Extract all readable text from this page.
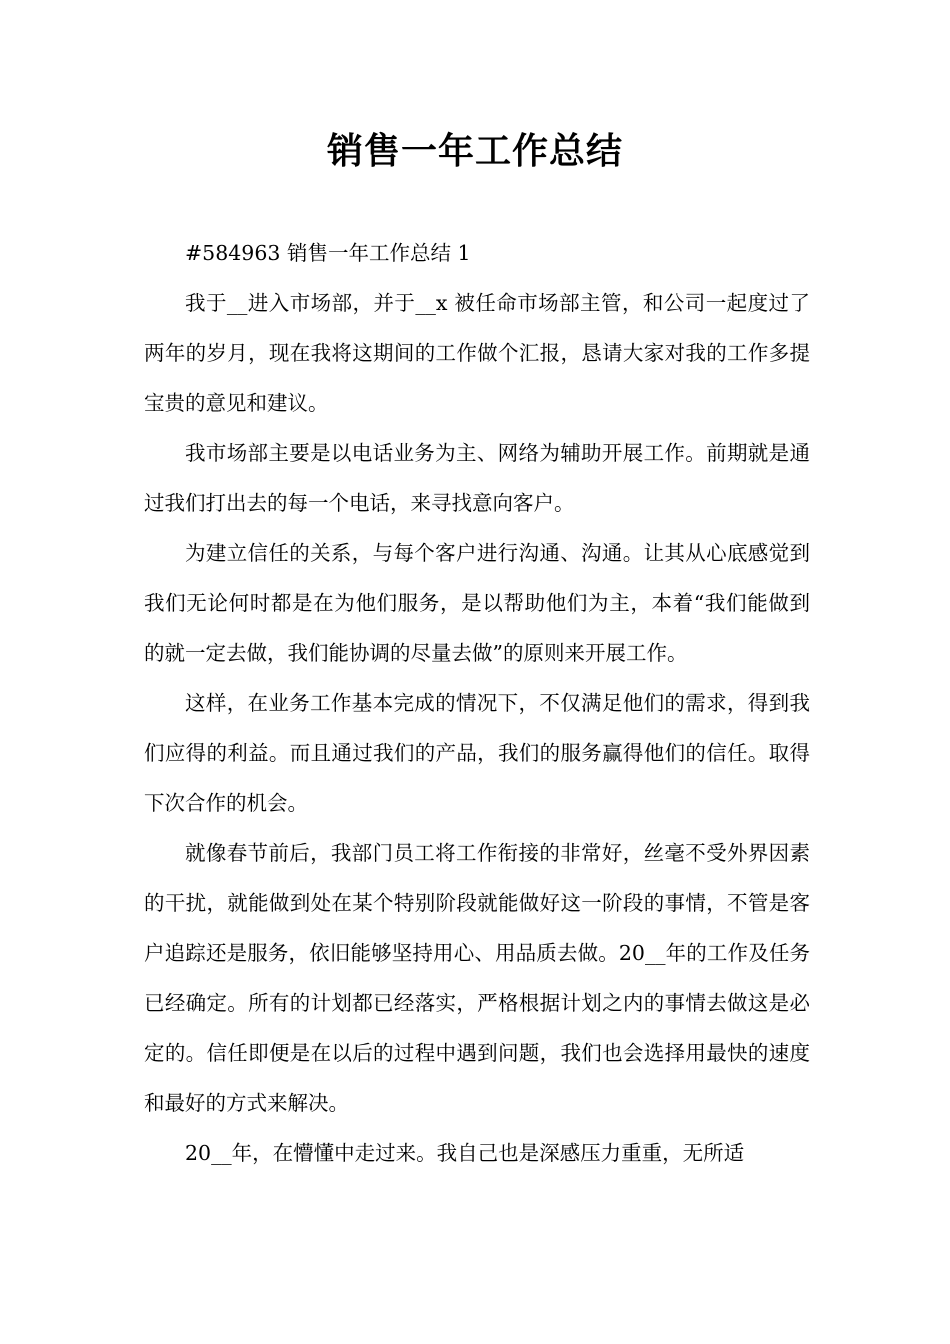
销售一年工作总结

#584963 销售一年工作总结 1

我于__进入市场部，并于__x 被任命市场部主管，和公司一起度过了两年的岁月，现在我将这期间的工作做个汇报，恳请大家对我的工作多提宝贵的意见和建议。

我市场部主要是以电话业务为主、网络为辅助开展工作。前期就是通过我们打出去的每一个电话，来寻找意向客户。

为建立信任的关系，与每个客户进行沟通、沟通。让其从心底感觉到我们无论何时都是在为他们服务，是以帮助他们为主，本着“我们能做到的就一定去做，我们能协调的尽量去做”的原则来开展工作。

这样，在业务工作基本完成的情况下，不仅满足他们的需求，得到我们应得的利益。而且通过我们的产品，我们的服务赢得他们的信任。取得下次合作的机会。

就像春节前后，我部门员工将工作衔接的非常好，丝毫不受外界因素的干扰，就能做到处在某个特别阶段就能做好这一阶段的事情，不管是客户追踪还是服务，依旧能够坚持用心、用品质去做。20__年的工作及任务已经确定。所有的计划都已经落实，严格根据计划之内的事情去做这是必定的。信任即便是在以后的过程中遇到问题，我们也会选择用最快的速度和最好的方式来解决。

20__年，在懵懂中走过来。我自己也是深感压力重重，无所适
